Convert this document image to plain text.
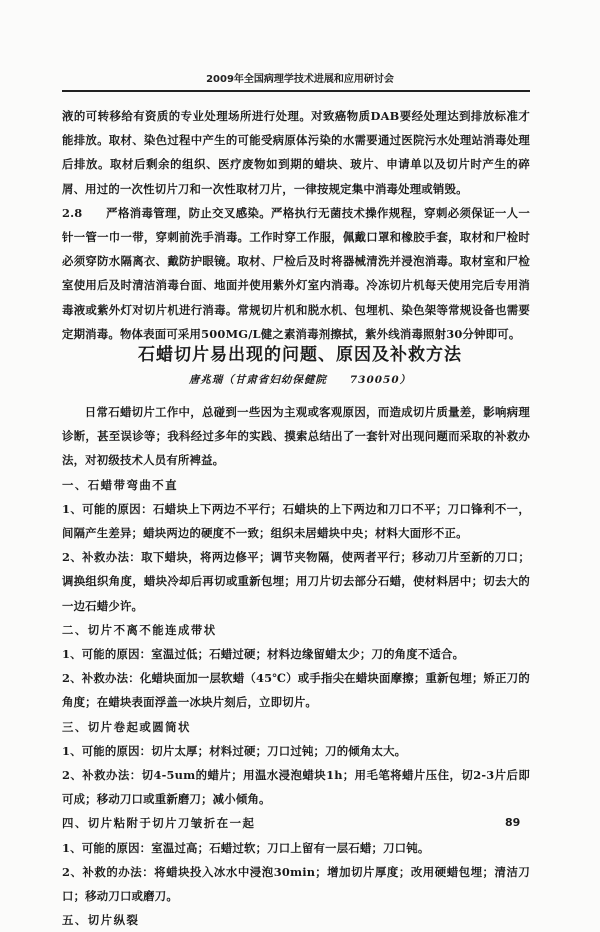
2009年全国病理学技术进展和应用研讨会

液的可转移给有资质的专业处理场所进行处理。对致癌物质DAB要经处理达到排放标准才能排放。取材、染色过程中产生的可能受病原体污染的水需要通过医院污水处理站消毒处理后排放。取材后剩余的组织、医疗废物如到期的蜡块、玻片、申请单以及切片时产生的碎屑、用过的一次性切片刀和一次性取材刀片，一律按规定集中消毒处理或销毁。

2.8　　严格消毒管理，防止交叉感染。严格执行无菌技术操作规程，穿刺必须保证一人一针一管一巾一带，穿刺前洗手消毒。工作时穿工作服，佩戴口罩和橡胶手套，取材和尸检时必须穿防水隔离衣、戴防护眼镜。取材、尸检后及时将器械清洗并浸泡消毒。取材室和尸检室使用后及时清洁消毒台面、地面并使用紫外灯室内消毒。冷冻切片机每天使用完后专用消毒液或紫外灯对切片机进行消毒。常规切片机和脱水机、包埋机、染色架等常规设备也需要定期消毒。物体表面可采用500MG/L健之素消毒剂擦拭，紫外线消毒照射30分钟即可。

石蜡切片易出现的问题、原因及补救方法
唐兆瑞（甘肃省妇幼保健院　　730050）

日常石蜡切片工作中，总碰到一些因为主观或客观原因，而造成切片质量差，影响病理诊断，甚至误诊等；我科经过多年的实践、摸索总结出了一套针对出现问题而采取的补救办法，对初级技术人员有所裨益。

一、石蜡带弯曲不直

1、可能的原因：石蜡块上下两边不平行；石蜡块的上下两边和刀口不平；刀口锋利不一，间隔产生差异；蜡块两边的硬度不一致；组织未居蜡块中央；材料大面形不正。

2、补救办法：取下蜡块，将两边修平；调节夹物隔，使两者平行；移动刀片至新的刀口；调换组织角度，蜡块冷却后再切或重新包埋；用刀片切去部分石蜡，使材料居中；切去大的一边石蜡少许。

二、切片不离不能连成带状

1、可能的原因：室温过低；石蜡过硬；材料边缘留蜡太少；刀的角度不适合。

2、补救办法：化蜡块面加一层软蜡（45℃）或手指尖在蜡块面摩擦；重新包埋；矫正刀的角度；在蜡块表面浮盖一冰块片刻后，立即切片。

三、切片卷起或圆筒状

1、可能的原因：切片太厚；材料过硬；刀口过钝；刀的倾角太大。

2、补救办法：切4-5um的蜡片；用温水浸泡蜡块1h；用毛笔将蜡片压住，切2-3片后即可成；移动刀口或重新磨刀；减小倾角。

四、切片粘附于切片刀皱折在一起

1、可能的原因：室温过高；石蜡过软；刀口上留有一层石蜡；刀口钝。

2、补救的办法：将蜡块投入冰水中浸泡30min；增加切片厚度；改用硬蜡包埋；清洁刀口；移动刀口或磨刀。

五、切片纵裂

89
